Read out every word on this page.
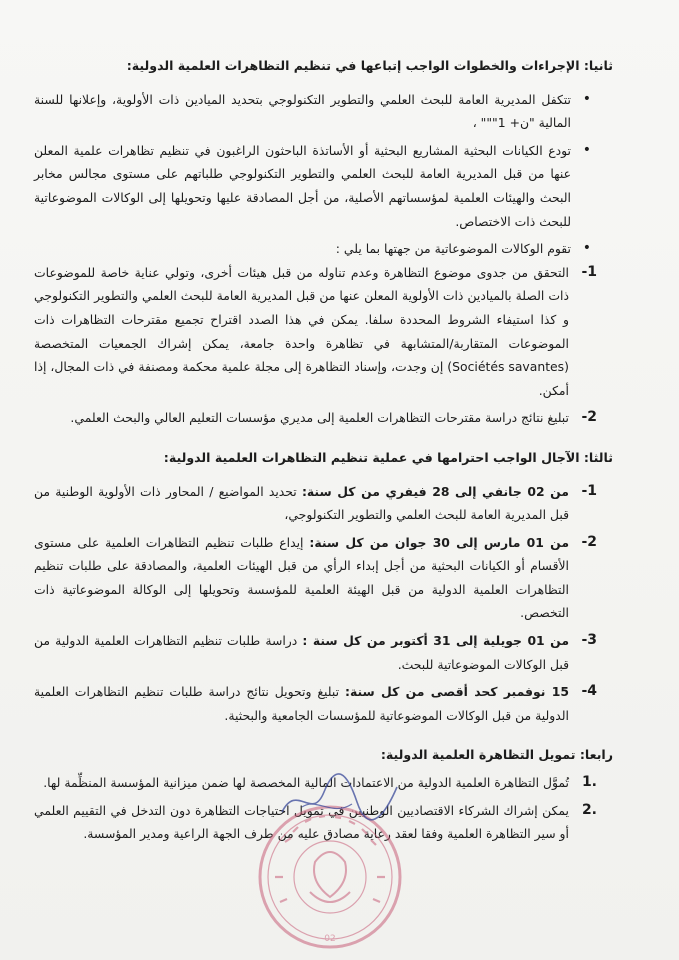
ثانيا: الإجراءات والخطوات الواجب إتباعها في تنظيم التظاهرات العلمية الدولية:

• تتكفل المديرية العامة للبحث العلمي والتطوير التكنولوجي بتحديد الميادين ذات الأولوية، وإعلانها للسنة المالية "ن+ 1""" ،

• تودع الكيانات البحثية المشاريع البحثية أو الأساتذة الباحثون الراغبون في تنظيم تظاهرات علمية المعلن عنها من قبل المديرية العامة للبحث العلمي والتطوير التكنولوجي طلباتهم على مستوى مجالس مخابر البحث والهيئات العلمية لمؤسساتهم الأصلية، من أجل المصادقة عليها وتحويلها إلى الوكالات الموضوعاتية للبحث ذات الاختصاص.

• تقوم الوكالات الموضوعاتية من جهتها بما يلي :

-1
التحقق من جدوى موضوع التظاهرة وعدم تناوله من قبل هيئات أخرى، وتولي عناية خاصة للموضوعات ذات الصلة بالميادين ذات الأولوية المعلن عنها من قبل المديرية العامة للبحث العلمي والتطوير التكنولوجي و كذا استيفاء الشروط المحددة سلفا. يمكن في هذا الصدد اقتراح تجميع مقترحات التظاهرات ذات الموضوعات المتقاربة/المتشابهة في تظاهرة واحدة جامعة، يمكن إشراك الجمعيات المتخصصة (Sociétés savantes) إن وجدت، وإسناد التظاهرة إلى مجلة علمية محكمة ومصنفة في ذات المجال، إذا أمكن.
-2
تبليغ نتائج دراسة مقترحات التظاهرات العلمية إلى مديري مؤسسات التعليم العالي والبحث العلمي.

ثالثا: الآجال الواجب احترامها في عملية تنظيم التظاهرات العلمية الدولية:

-1
من 02 جانفي إلى 28 فيفري من كل سنة: تحديد المواضيع / المحاور ذات الأولوية الوطنية من قبل المديرية العامة للبحث العلمي والتطوير التكنولوجي،
-2
من 01 مارس إلى 30 جوان من كل سنة: إيداع طلبات تنظيم التظاهرات العلمية على مستوى الأقسام أو الكيانات البحثية من أجل إبداء الرأي من قبل الهيئات العلمية، والمصادقة على طلبات تنظيم التظاهرات العلمية الدولية من قبل الهيئة العلمية للمؤسسة وتحويلها إلى الوكالة الموضوعاتية ذات التخصص.
-3
من 01 جويلية إلى 31 أكتوبر من كل سنة : دراسة طلبات تنظيم التظاهرات العلمية الدولية من قبل الوكالات الموضوعاتية للبحث.
-4
15 نوفمبر كحد أقصى من كل سنة: تبليغ وتحويل نتائج دراسة طلبات تنظيم التظاهرات العلمية الدولية من قبل الوكالات الموضوعاتية للمؤسسات الجامعية والبحثية.

رابعا: تمويل التظاهرة العلمية الدولية:

1.
تُموَّل التظاهرة العلمية الدولية من الاعتمادات المالية المخصصة لها ضمن ميزانية المؤسسة المنظِّمة لها.
2.
يمكن إشراك الشركاء الاقتصاديين الوطنيين في تمويل احتياجات التظاهرة دون التدخل في التقييم العلمي أو سير التظاهرة العلمية وفقا لعقد رعاية مصادق عليه من طرف الجهة الراعية ومدير المؤسسة.
02
